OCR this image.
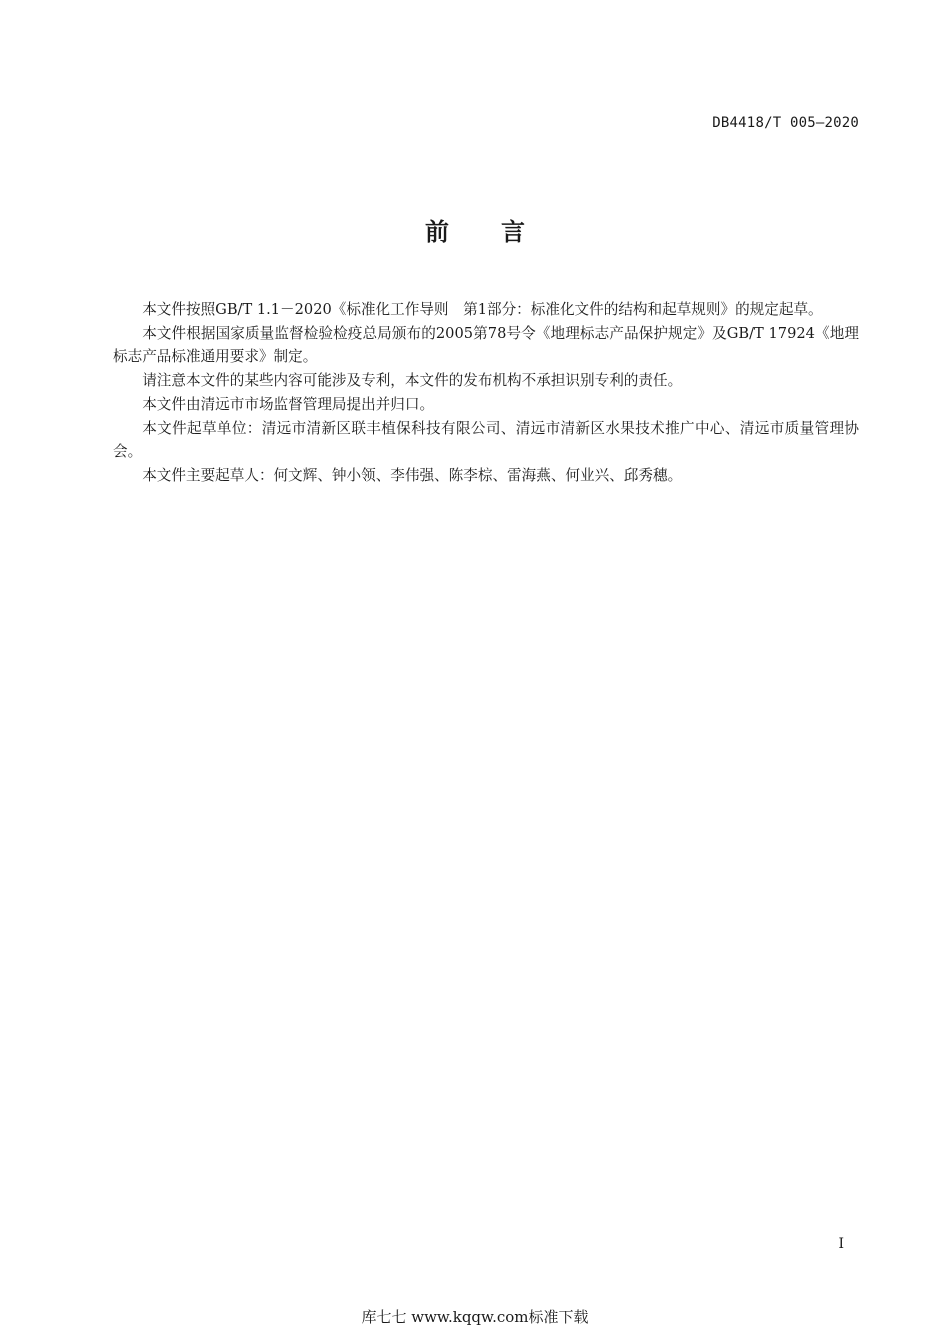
DB4418/T 005—2020
前言

本文件按照GB/T 1.1－2020《标准化工作导则　第1部分：标准化文件的结构和起草规则》的规定起草。

本文件根据国家质量监督检验检疫总局颁布的2005第78号令《地理标志产品保护规定》及GB/T 17924《地理标志产品标准通用要求》制定。

请注意本文件的某些内容可能涉及专利，本文件的发布机构不承担识别专利的责任。

本文件由清远市市场监督管理局提出并归口。

本文件起草单位：清远市清新区联丰植保科技有限公司、清远市清新区水果技术推广中心、清远市质量管理协会。

本文件主要起草人：何文辉、钟小领、李伟强、陈李棕、雷海燕、何业兴、邱秀穗。

I
库七七 www.kqqw.com标准下载
